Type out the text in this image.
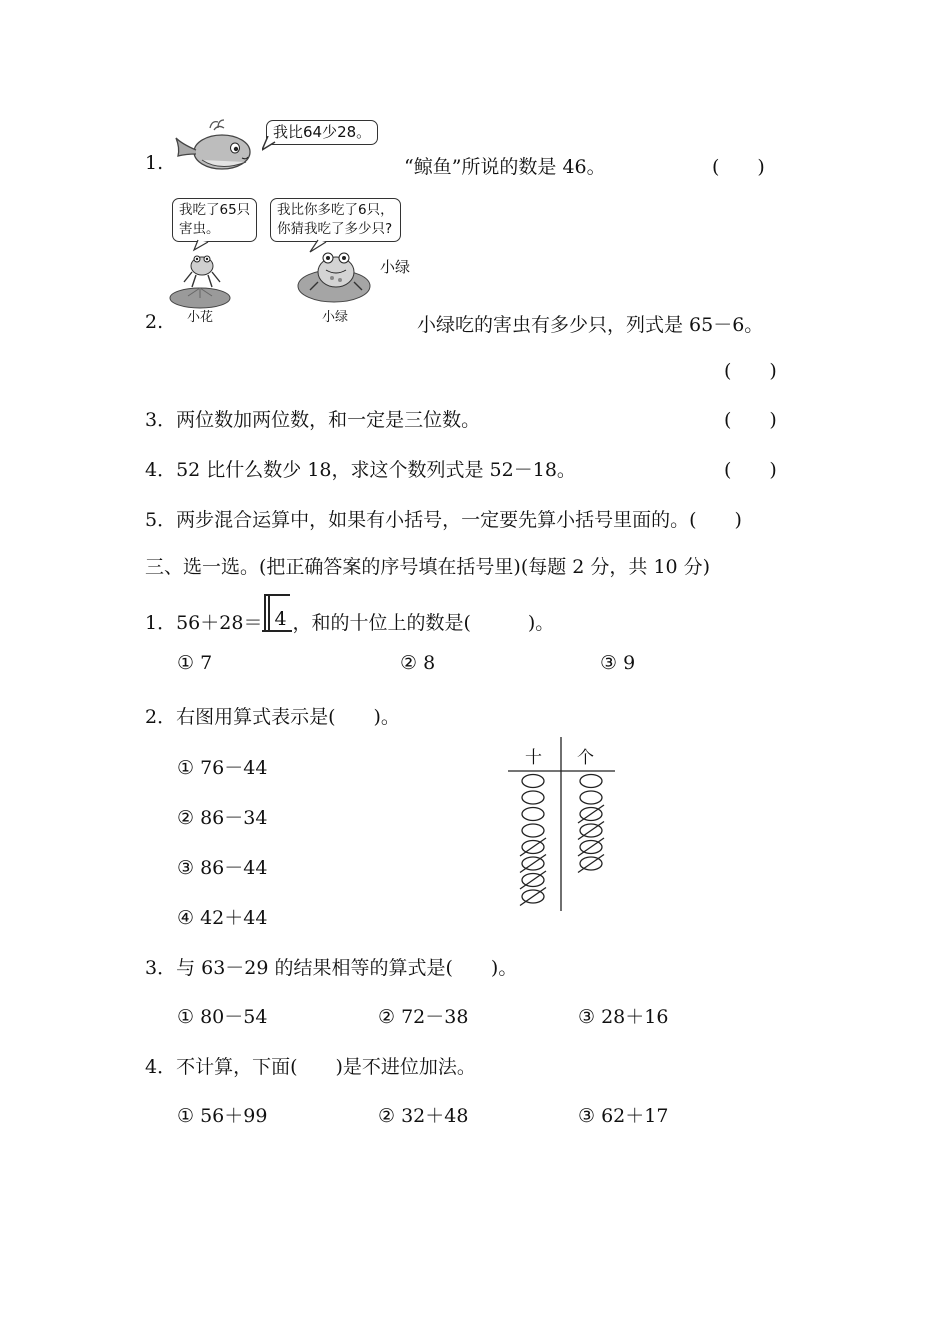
1.
我比64少28。
“鲸鱼”所说的数是 46。	(　　)
我吃了65只
害虫。
我比你多吃了6只，
你猜我吃了多少只?
小绿
小花	小绿
2.	小绿吃的害虫有多少只，列式是 65－6。
(　　)
3．两位数加两位数，和一定是三位数。	(　　)
4．52 比什么数少 18，求这个数列式是 52－18。	(　　)
5．两步混合运算中，如果有小括号，一定要先算小括号里面的。(　　)
三、选一选。(把正确答案的序号填在括号里)(每题 2 分，共 10 分)
1．56＋28＝ 4 ，和的十位上的数是(　　　)。
① 7	② 8	③ 9
2．右图用算式表示是(　　)。
① 76－44
② 86－34
③ 86－44
④ 42＋44
十 个
3．与 63－29 的结果相等的算式是(　　)。
① 80－54	② 72－38	③ 28＋16
4．不计算，下面(　　)是不进位加法。
① 56＋99	② 32＋48	③ 62＋17
